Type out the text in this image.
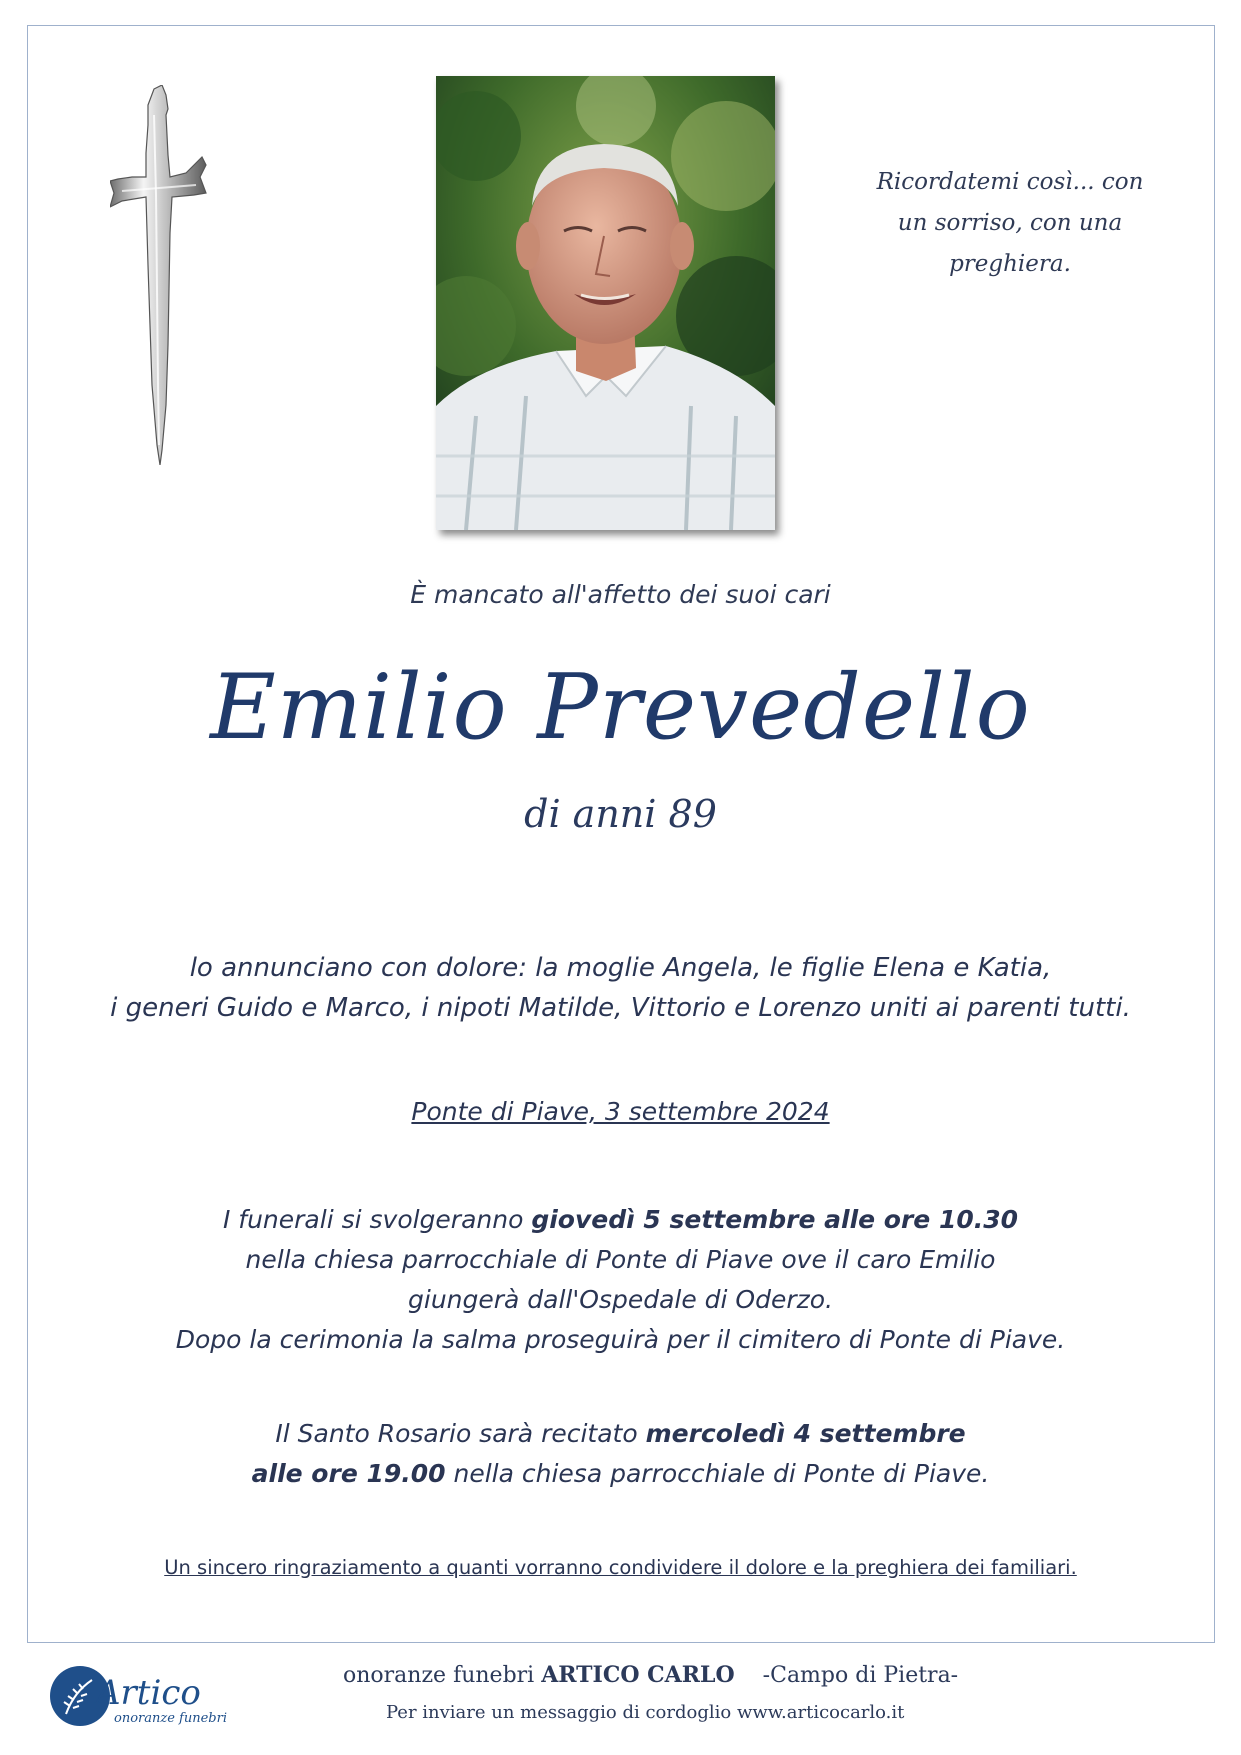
Ricordatemi così... con
un sorriso, con una
preghiera.
È mancato all'affetto dei suoi cari
Emilio Prevedello
di anni 89
lo annunciano con dolore: la moglie Angela, le figlie Elena e Katia,
i generi Guido e Marco, i nipoti Matilde, Vittorio e Lorenzo uniti ai parenti tutti.
Ponte di Piave, 3 settembre 2024
I funerali si svolgeranno giovedì 5 settembre alle ore 10.30
nella chiesa parrocchiale di Ponte di Piave ove il caro Emilio
giungerà dall'Ospedale di Oderzo.
Dopo la cerimonia la salma proseguirà per il cimitero di Ponte di Piave.
Il Santo Rosario sarà recitato mercoledì 4 settembre
alle ore 19.00 nella chiesa parrocchiale di Ponte di Piave.
Un sincero ringraziamento a quanti vorranno condividere il dolore e la preghiera dei familiari.
Artico
onoranze funebri
onoranze funebri ARTICO CARLO -Campo di Pietra-
Per inviare un messaggio di cordoglio www.articocarlo.it
